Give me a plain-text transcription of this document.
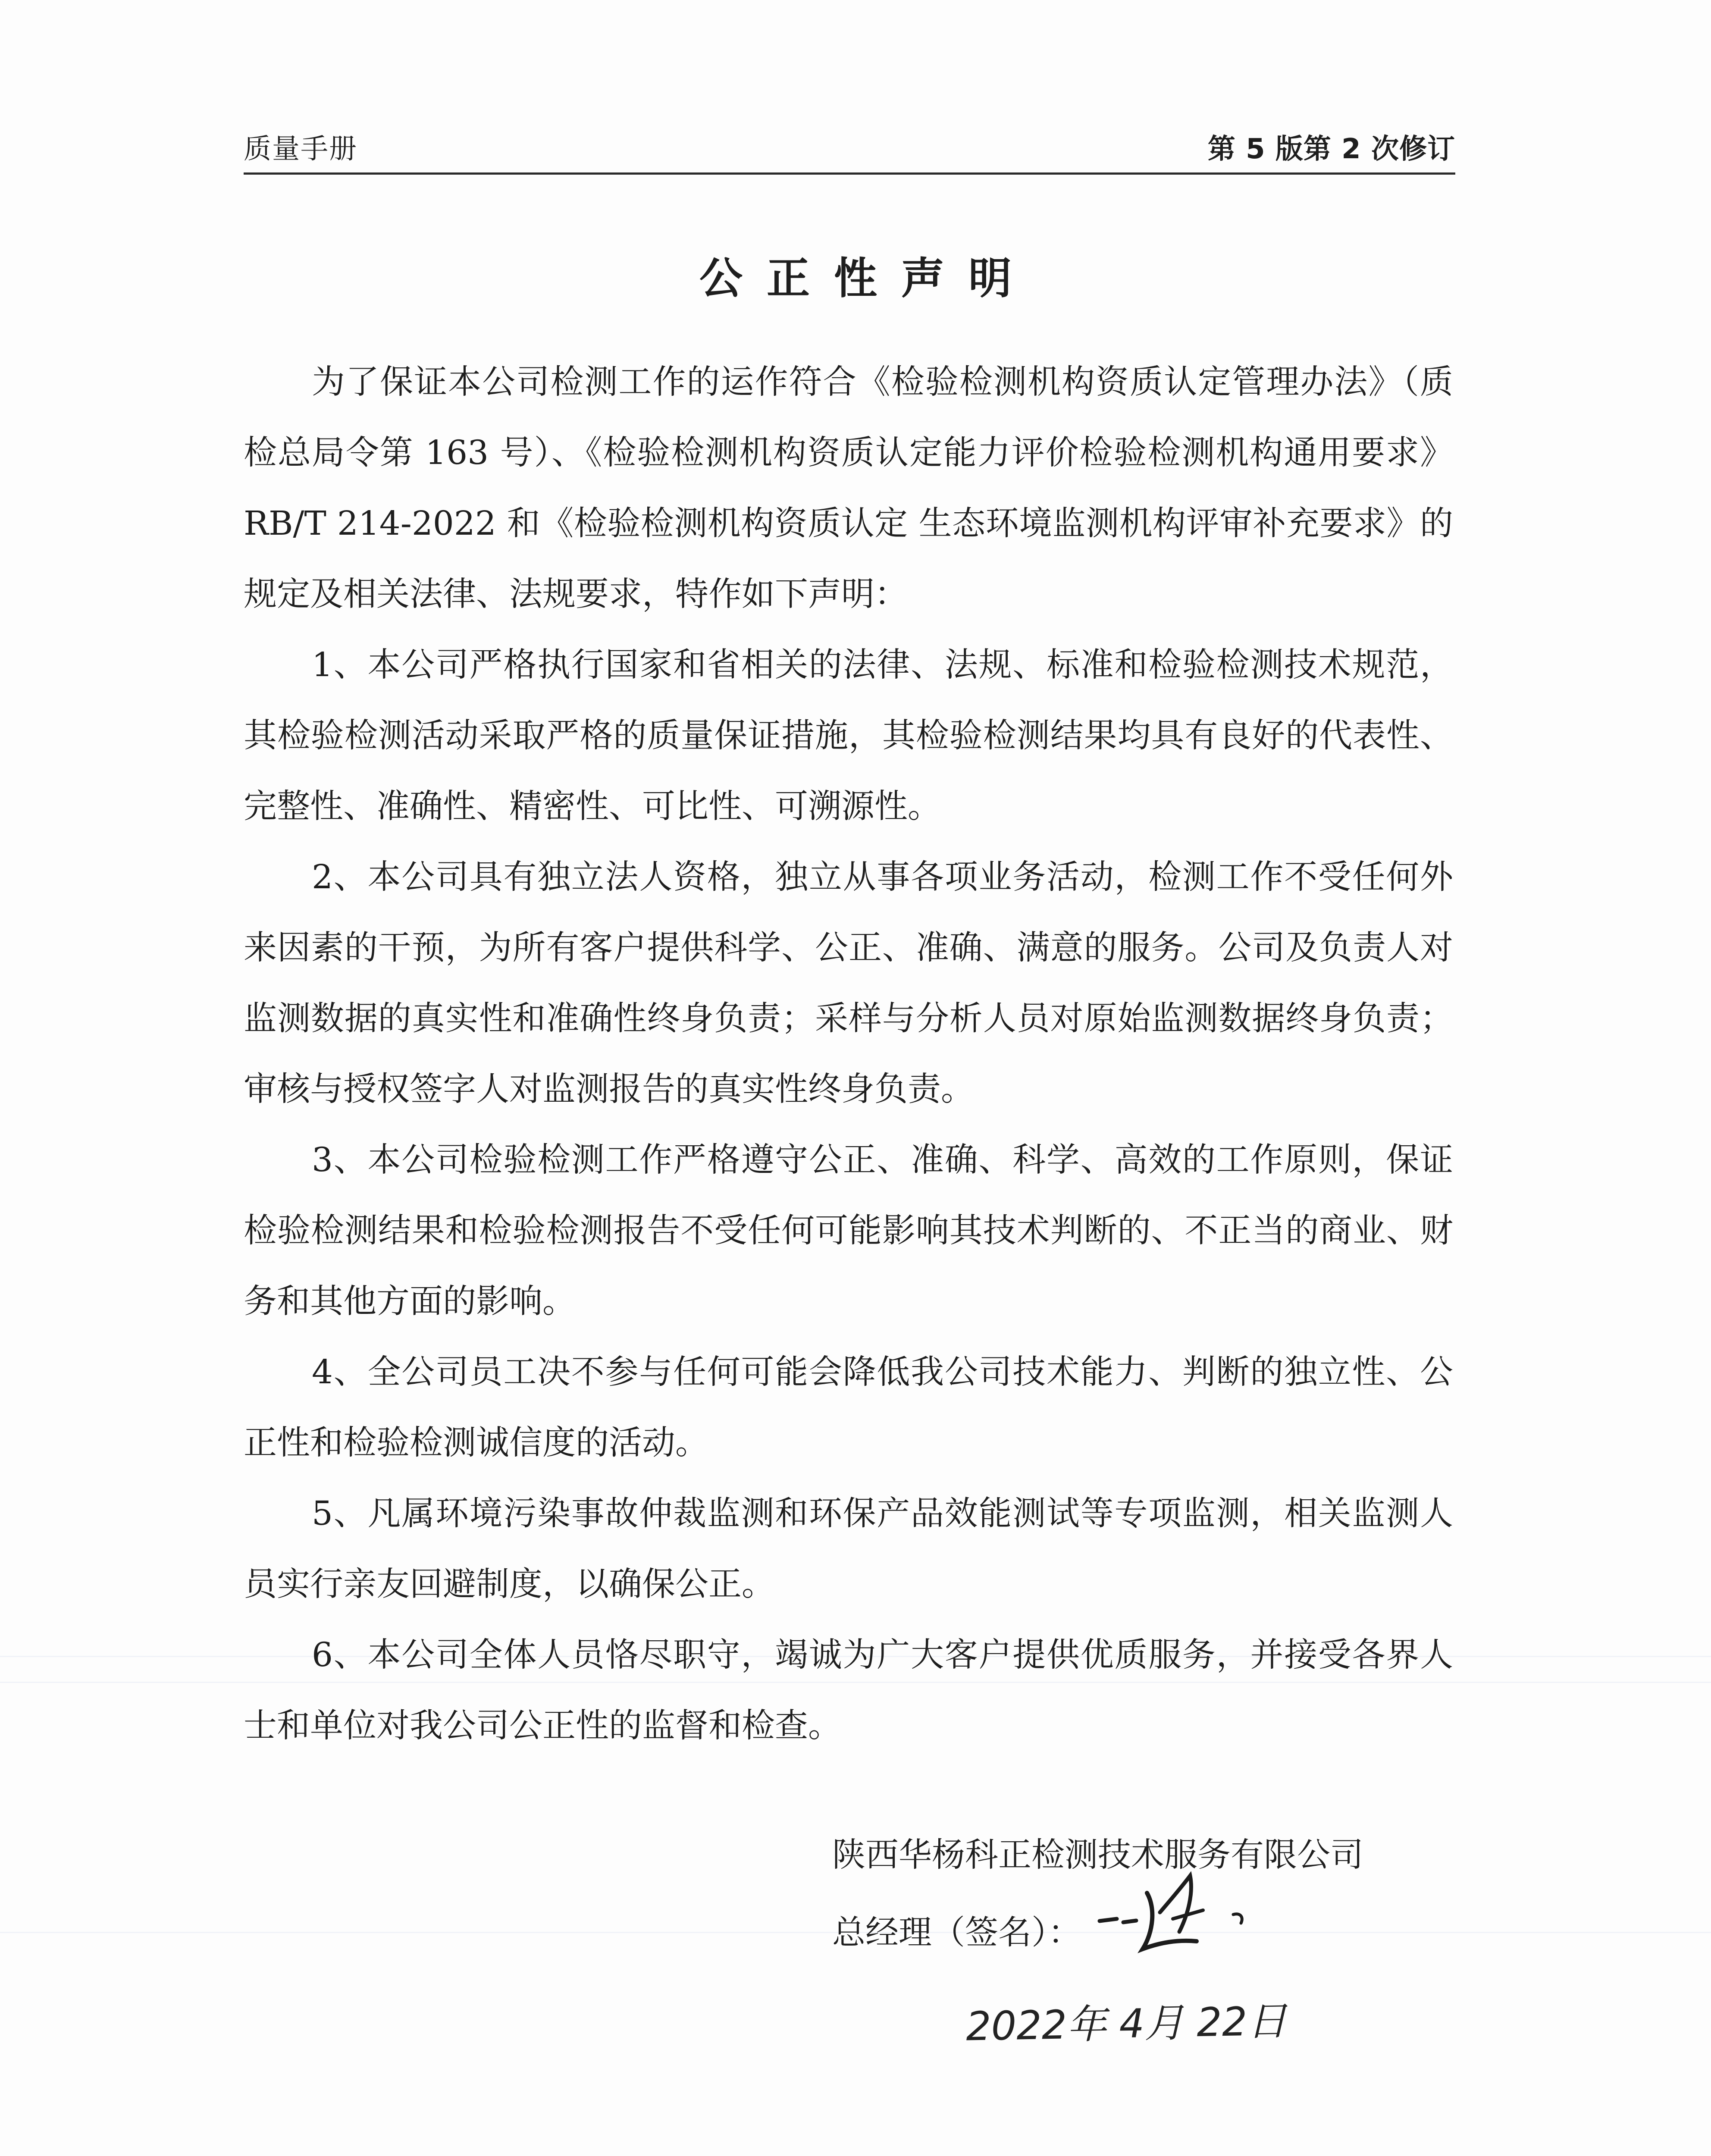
质量手册	第 5 版第 2 次修订
公正性声明

为了保证本公司检测工作的运作符合《检验检测机构资质认定管理办法》（质检总局令第 163 号）、《检验检测机构资质认定能力评价检验检测机构通用要求》RB/T 214-2022 和《检验检测机构资质认定 生态环境监测机构评审补充要求》的规定及相关法律、法规要求，特作如下声明：

1、本公司严格执行国家和省相关的法律、法规、标准和检验检测技术规范，其检验检测活动采取严格的质量保证措施，其检验检测结果均具有良好的代表性、完整性、准确性、精密性、可比性、可溯源性。

2、本公司具有独立法人资格，独立从事各项业务活动，检测工作不受任何外来因素的干预，为所有客户提供科学、公正、准确、满意的服务。公司及负责人对监测数据的真实性和准确性终身负责；采样与分析人员对原始监测数据终身负责；审核与授权签字人对监测报告的真实性终身负责。

3、本公司检验检测工作严格遵守公正、准确、科学、高效的工作原则，保证检验检测结果和检验检测报告不受任何可能影响其技术判断的、不正当的商业、财务和其他方面的影响。

4、全公司员工决不参与任何可能会降低我公司技术能力、判断的独立性、公正性和检验检测诚信度的活动。

5、凡属环境污染事故仲裁监测和环保产品效能测试等专项监测，相关监测人员实行亲友回避制度，以确保公正。

6、本公司全体人员恪尽职守，竭诚为广大客户提供优质服务，并接受各界人士和单位对我公司公正性的监督和检查。

陕西华杨科正检测技术服务有限公司
总经理（签名）：
2022年 4月 22日
